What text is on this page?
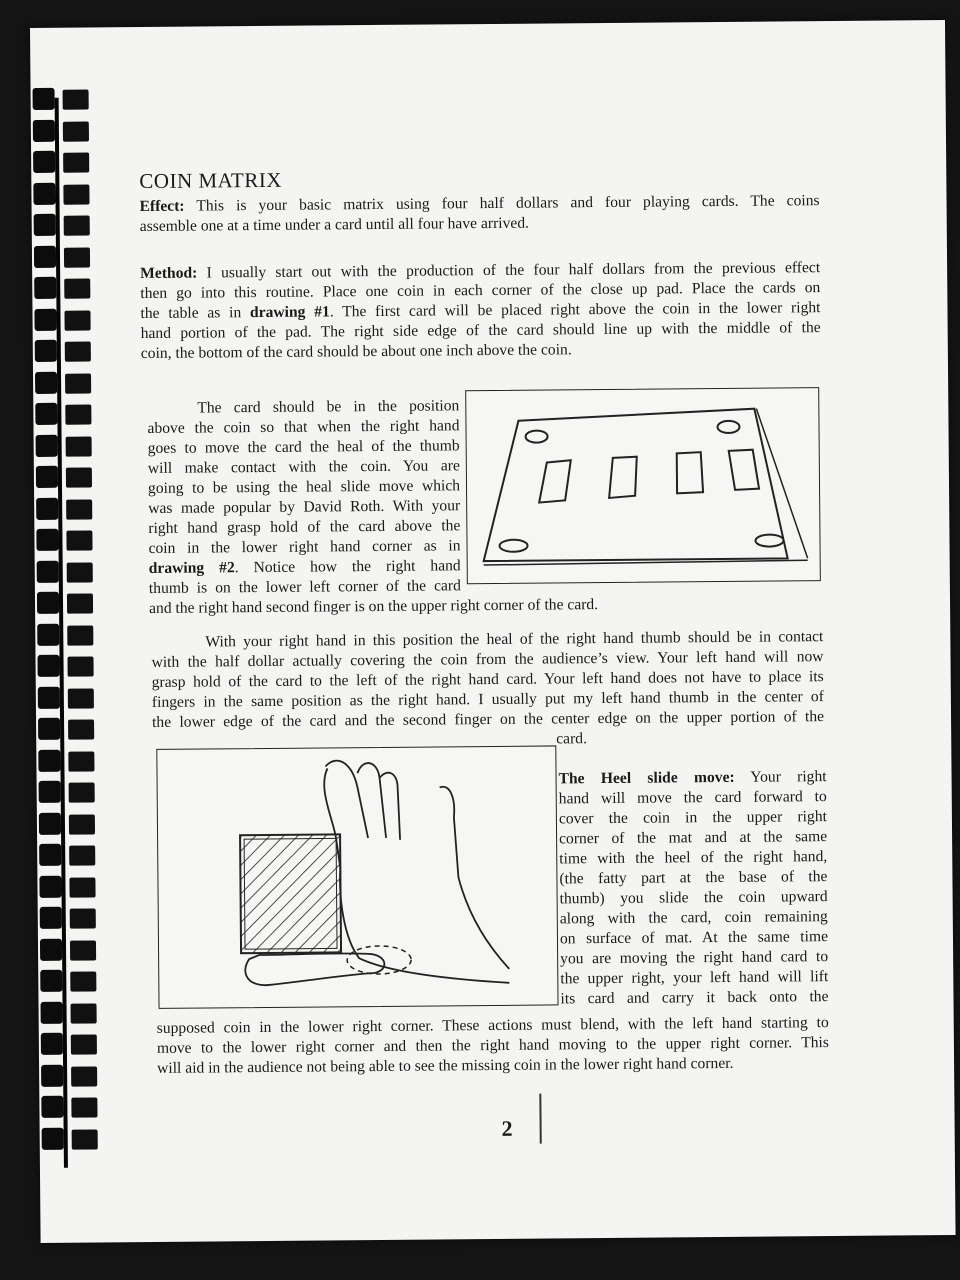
COIN MATRIX
Effect: This is your basic matrix using four half dollars and four playing cards. The coins
assemble one at a time under a card until all four have arrived.
Method: I usually start out with the production of the four half dollars from the previous effect
then go into this routine. Place one coin in each corner of the close up pad. Place the cards on
the table as in drawing #1. The first card will be placed right above the coin in the lower right
hand portion of the pad. The right side edge of the card should line up with the middle of the
coin, the bottom of the card should be about one inch above the coin.
The card should be in the position
above the coin so that when the right hand
goes to move the card the heal of the thumb
will make contact with the coin. You are
going to be using the heal slide move which
was made popular by David Roth. With your
right hand grasp hold of the card above the
coin in the lower right hand corner as in
drawing #2. Notice how the right hand
thumb is on the lower left corner of the card
and the right hand second finger is on the upper right corner of the card.
With your right hand in this position the heal of the right hand thumb should be in contact
with the half dollar actually covering the coin from the audience’s view. Your left hand will now
grasp hold of the card to the left of the right hand card. Your left hand does not have to place its
fingers in the same position as the right hand. I usually put my left hand thumb in the center of
the lower edge of the card and the second finger on the center edge on the upper portion of the
card.
The Heel slide move: Your right
hand will move the card forward to
cover the coin in the upper right
corner of the mat and at the same
time with the heel of the right hand,
(the fatty part at the base of the
thumb) you slide the coin upward
along with the card, coin remaining
on surface of mat. At the same time
you are moving the right hand card to
the upper right, your left hand will lift
its card and carry it back onto the
supposed coin in the lower right corner. These actions must blend, with the left hand starting to
move to the lower right corner and then the right hand moving to the upper right corner. This
will aid in the audience not being able to see the missing coin in the lower right hand corner.
2
